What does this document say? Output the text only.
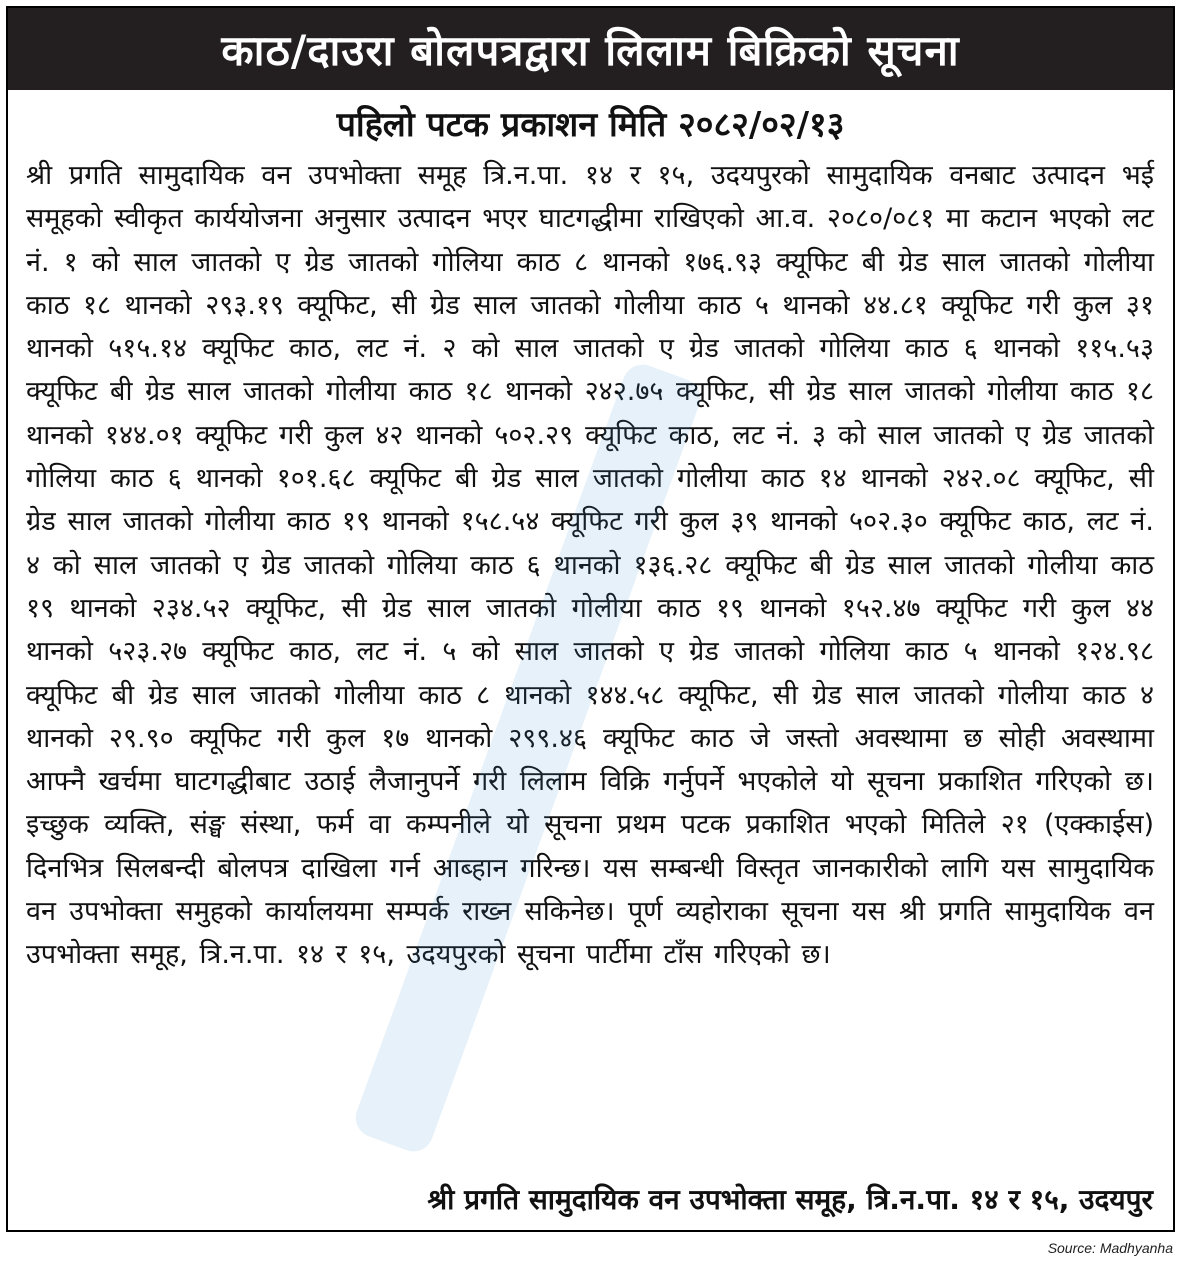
काठ/दाउरा बोलपत्रद्वारा लिलाम बिक्रिको सूचना
पहिलो पटक प्रकाशन मिति २०८२/०२/१३
श्री प्रगति सामुदायिक वन उपभोक्ता समूह त्रि.न.पा. १४ र १५, उदयपुरको सामुदायिक वनबाट उत्पादन भई समूहको स्वीकृत कार्ययोजना अनुसार उत्पादन भएर घाटगद्धीमा राखिएको आ.व. २०८०/०८१ मा कटान भएको लट नं. १ को साल जातको ए ग्रेड जातको गोलिया काठ ८ थानको १७६.९३ क्यूफिट बी ग्रेड साल जातको गोलीया काठ १८ थानको २९३.१९ क्यूफिट, सी ग्रेड साल जातको गोलीया काठ ५ थानको ४४.८१ क्यूफिट गरी कुल ३१ थानको ५१५.१४ क्यूफिट काठ, लट नं. २ को साल जातको ए ग्रेड जातको गोलिया काठ ६ थानको ११५.५३ क्यूफिट बी ग्रेड साल जातको गोलीया काठ १८ थानको २४२.७५ क्यूफिट, सी ग्रेड साल जातको गोलीया काठ १८ थानको १४४.०१ क्यूफिट गरी कुल ४२ थानको ५०२.२९ क्यूफिट काठ, लट नं. ३ को साल जातको ए ग्रेड जातको गोलिया काठ ६ थानको १०१.६८ क्यूफिट बी ग्रेड साल जातको गोलीया काठ १४ थानको २४२.०८ क्यूफिट, सी ग्रेड साल जातको गोलीया काठ १९ थानको १५८.५४ क्यूफिट गरी कुल ३९ थानको ५०२.३० क्यूफिट काठ, लट नं. ४ को साल जातको ए ग्रेड जातको गोलिया काठ ६ थानको १३६.२८ क्यूफिट बी ग्रेड साल जातको गोलीया काठ १९ थानको २३४.५२ क्यूफिट, सी ग्रेड साल जातको गोलीया काठ १९ थानको १५२.४७ क्यूफिट गरी कुल ४४ थानको ५२३.२७ क्यूफिट काठ, लट नं. ५ को साल जातको ए ग्रेड जातको गोलिया काठ ५ थानको १२४.९८ क्यूफिट बी ग्रेड साल जातको गोलीया काठ ८ थानको १४४.५८ क्यूफिट, सी ग्रेड साल जातको गोलीया काठ ४ थानको २९.९० क्यूफिट गरी कुल १७ थानको २९९.४६ क्यूफिट काठ जे जस्तो अवस्थामा छ सोही अवस्थामा आफ्नै खर्चमा घाटगद्धीबाट उठाई लैजानुपर्ने गरी लिलाम विक्रि गर्नुपर्ने भएकोले यो सूचना प्रकाशित गरिएको छ। इच्छुक व्यक्ति, संङ्घ संस्था, फर्म वा कम्पनीले यो सूचना प्रथम पटक प्रकाशित भएको मितिले २१ (एक्काईस) दिनभित्र सिलबन्दी बोलपत्र दाखिला गर्न आब्हान गरिन्छ। यस सम्बन्धी विस्तृत जानकारीको लागि यस सामुदायिक वन उपभोक्ता समुहको कार्यालयमा सम्पर्क राख्न सकिनेछ। पूर्ण व्यहोराका सूचना यस श्री प्रगति सामुदायिक वन उपभोक्ता समूह, त्रि.न.पा. १४ र १५, उदयपुरको सूचना पार्टीमा टाँस गरिएको छ।
श्री प्रगति सामुदायिक वन उपभोक्ता समूह, त्रि.न.पा. १४ र १५, उदयपुर
Source: Madhyanha
